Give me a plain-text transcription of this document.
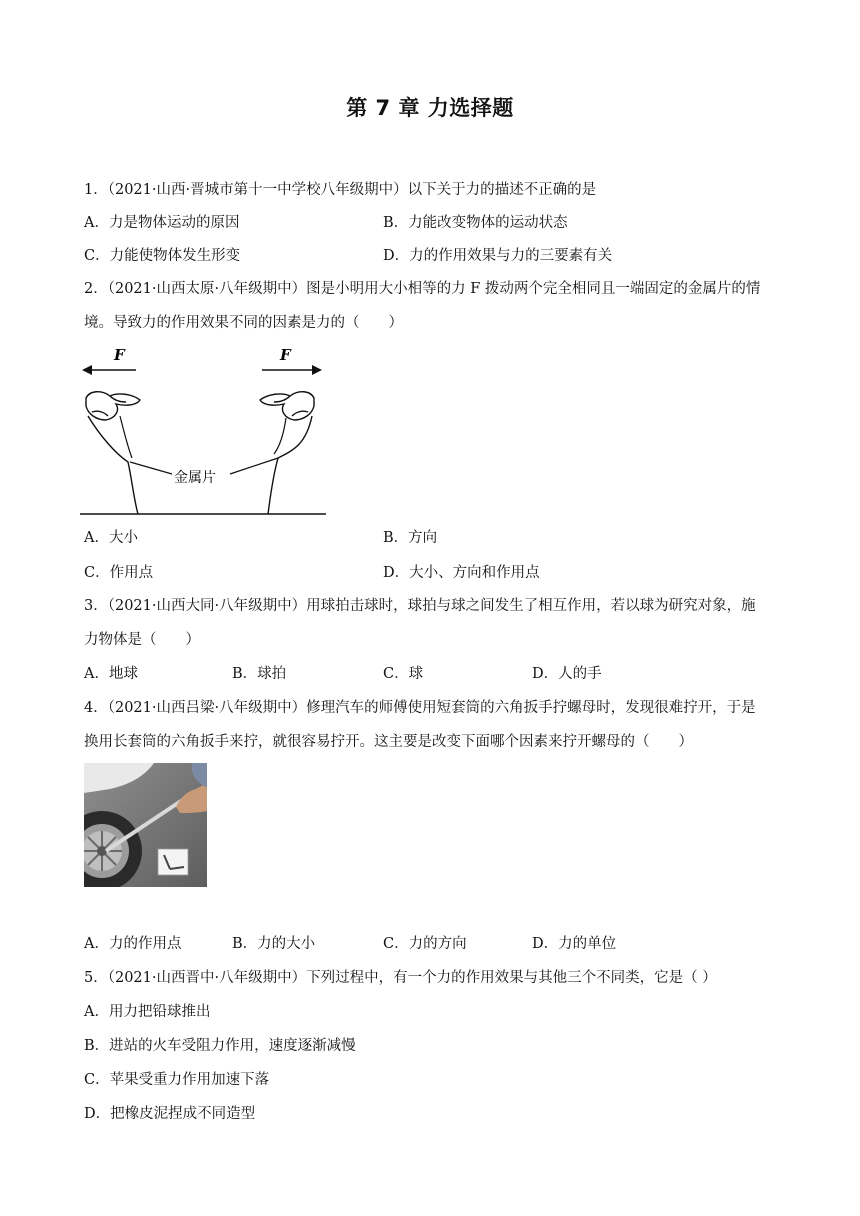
第 7 章 力选择题
1．（2021·山西·晋城市第十一中学校八年级期中）以下关于力的描述不正确的是
A．力是物体运动的原因	B．力能改变物体的运动状态
C．力能使物体发生形变	D．力的作用效果与力的三要素有关
2．（2021·山西太原·八年级期中）图是小明用大小相等的力 F 拨动两个完全相同且一端固定的金属片的情
境。导致力的作用效果不同的因素是力的（　　）
F	F
金属片
A．大小	B．方向
C．作用点	D．大小、方向和作用点
3．（2021·山西大同·八年级期中）用球拍击球时，球拍与球之间发生了相互作用，若以球为研究对象，施
力物体是（　　）
A．地球	B．球拍	C．球	D．人的手
4．（2021·山西吕梁·八年级期中）修理汽车的师傅使用短套筒的六角扳手拧螺母时，发现很难拧开，于是
换用长套筒的六角扳手来拧，就很容易拧开。这主要是改变下面哪个因素来拧开螺母的（　　）
A．力的作用点	B．力的大小	C．力的方向	D．力的单位
5．（2021·山西晋中·八年级期中）下列过程中，有一个力的作用效果与其他三个不同类，它是（ ）
A．用力把铅球推出
B．进站的火车受阻力作用，速度逐渐减慢
C．苹果受重力作用加速下落
D．把橡皮泥捏成不同造型
